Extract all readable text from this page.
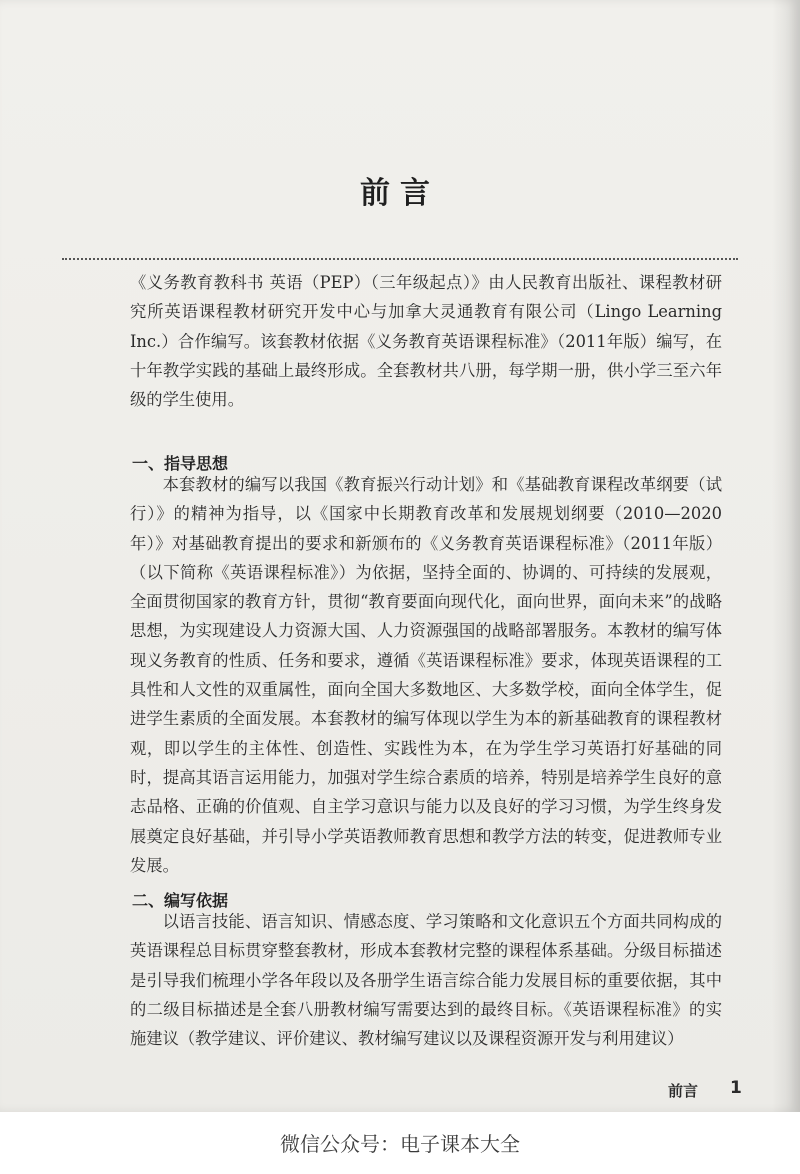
前言

《义务教育教科书 英语（PEP）（三年级起点）》由人民教育出版社、课程教材研究所英语课程教材研究开发中心与加拿大灵通教育有限公司（Lingo Learning Inc.）合作编写。该套教材依据《义务教育英语课程标准》（2011年版）编写，在十年教学实践的基础上最终形成。全套教材共八册，每学期一册，供小学三至六年级的学生使用。

一、指导思想

本套教材的编写以我国《教育振兴行动计划》和《基础教育课程改革纲要（试行）》的精神为指导，以《国家中长期教育改革和发展规划纲要（2010—2020年）》对基础教育提出的要求和新颁布的《义务教育英语课程标准》（2011年版）（以下简称《英语课程标准》）为依据，坚持全面的、协调的、可持续的发展观，全面贯彻国家的教育方针，贯彻“教育要面向现代化，面向世界，面向未来”的战略思想，为实现建设人力资源大国、人力资源强国的战略部署服务。本教材的编写体现义务教育的性质、任务和要求，遵循《英语课程标准》要求，体现英语课程的工具性和人文性的双重属性，面向全国大多数地区、大多数学校，面向全体学生，促进学生素质的全面发展。本套教材的编写体现以学生为本的新基础教育的课程教材观，即以学生的主体性、创造性、实践性为本，在为学生学习英语打好基础的同时，提高其语言运用能力，加强对学生综合素质的培养，特别是培养学生良好的意志品格、正确的价值观、自主学习意识与能力以及良好的学习习惯，为学生终身发展奠定良好基础，并引导小学英语教师教育思想和教学方法的转变，促进教师专业发展。

二、编写依据

以语言技能、语言知识、情感态度、学习策略和文化意识五个方面共同构成的英语课程总目标贯穿整套教材，形成本套教材完整的课程体系基础。分级目标描述是引导我们梳理小学各年段以及各册学生语言综合能力发展目标的重要依据，其中的二级目标描述是全套八册教材编写需要达到的最终目标。《英语课程标准》的实施建议（教学建议、评价建议、教材编写建议以及课程资源开发与利用建议）

前言 1
微信公众号：电子课本大全
